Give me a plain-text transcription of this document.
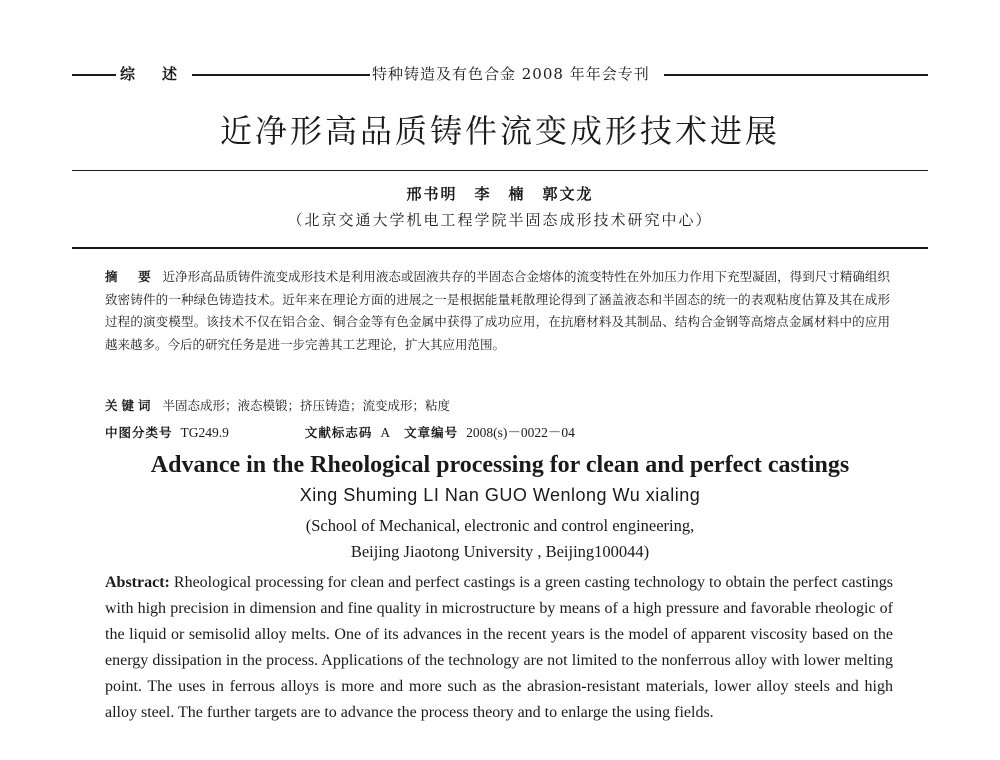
综　述	特种铸造及有色合金 2008 年年会专刊
近净形高品质铸件流变成形技术进展
邢书明　李　楠　郭文龙
（北京交通大学机电工程学院半固态成形技术研究中心）
摘　要 近净形高品质铸件流变成形技术是利用液态或固液共存的半固态合金熔体的流变特性在外加压力作用下充型凝固，得到尺寸精确组织致密铸件的一种绿色铸造技术。近年来在理论方面的进展之一是根据能量耗散理论得到了涵盖液态和半固态的统一的表观粘度估算及其在成形过程的演变模型。该技术不仅在铝合金、铜合金等有色金属中获得了成功应用，在抗磨材料及其制品、结构合金钢等高熔点金属材料中的应用越来越多。今后的研究任务是进一步完善其工艺理论，扩大其应用范围。
关键词 半固态成形；液态模锻；挤压铸造；流变成形；粘度
中图分类号 TG249.9	文献标志码 A 文章编号 2008(s)－0022－04
Advance in the Rheological processing for clean and perfect castings
Xing Shuming LI Nan GUO Wenlong Wu xialing
(School of Mechanical, electronic and control engineering,
Beijing Jiaotong University , Beijing100044)
Abstract: Rheological processing for clean and perfect castings is a green casting technology to obtain the perfect castings with high precision in dimension and fine quality in microstructure by means of a high pressure and favorable rheologic of the liquid or semisolid alloy melts. One of its advances in the recent years is the model of apparent viscosity based on the energy dissipation in the process. Applications of the technology are not limited to the nonferrous alloy with lower melting point. The uses in ferrous alloys is more and more such as the abrasion-resistant materials, lower alloy steels and high alloy steel. The further targets are to advance the process theory and to enlarge the using fields.
